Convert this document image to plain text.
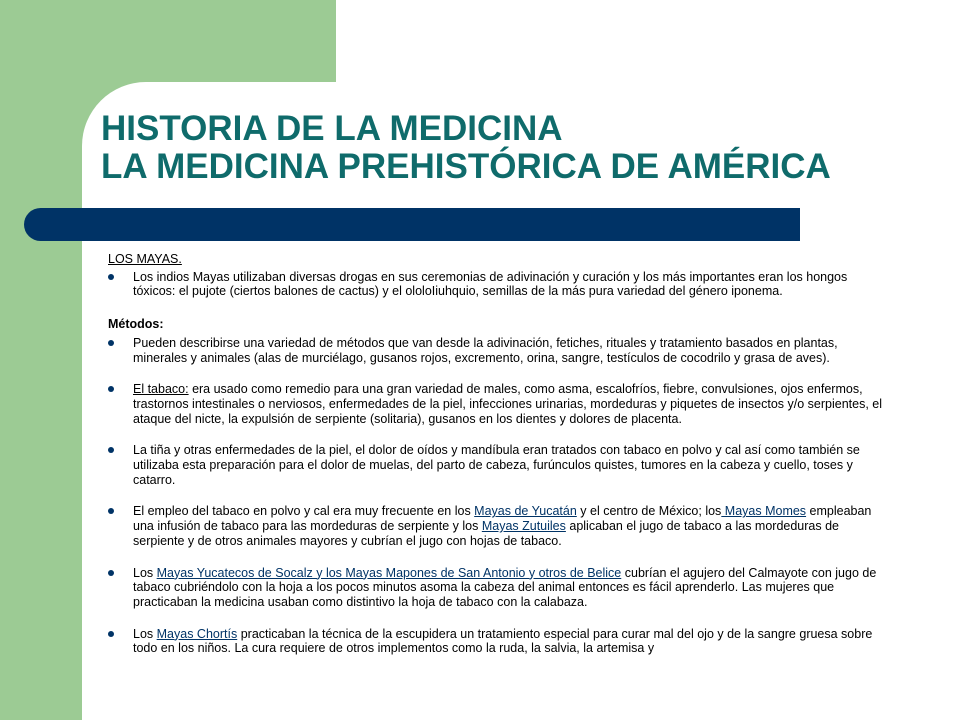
HISTORIA DE LA MEDICINA
LA MEDICINA PREHISTÓRICA DE AMÉRICA

LOS MAYAS.

Los indios Mayas utilizaban diversas drogas en sus ceremonias de adivinación y curación y los más importantes eran los hongos tóxicos: el pujote (ciertos balones de cactus) y el ololoIiuhquio, semillas de la más pura variedad del género iponema.

Métodos:

Pueden describirse una variedad de métodos que van desde la adivinación, fetiches, rituales y tratamiento basados en plantas, minerales y animales (alas de murciélago, gusanos rojos, excremento, orina, sangre, testículos de cocodrilo y grasa de aves).
El tabaco: era usado como remedio para una gran variedad de males, como asma, escalofríos, fiebre, convulsiones, ojos enfermos, trastornos intestinales o nerviosos, enfermedades de la piel, infecciones urinarias, mordeduras y piquetes de insectos y/o serpientes, el ataque del nicte, la expulsión de serpiente (solitaria), gusanos en los dientes y dolores de placenta.
La tiña y otras enfermedades de la piel, el dolor de oídos y mandíbula eran tratados con tabaco en polvo y cal así como también se utilizaba esta preparación para el dolor de muelas, del parto de cabeza, furúnculos quistes, tumores en la cabeza y cuello, toses y catarro.
El empleo del tabaco en polvo y cal era muy frecuente en los Mayas de Yucatán y el centro de México; los Mayas Momes empleaban una infusión de tabaco para las mordeduras de serpiente y los Mayas Zutuiles aplicaban el jugo de tabaco a las mordeduras de serpiente y de otros animales mayores y cubrían el jugo con hojas de tabaco.
Los Mayas Yucatecos de Socalz y los Mayas Mapones de San Antonio y otros de Belice cubrían el agujero del Calmayote con jugo de tabaco cubriéndolo con la hoja a los pocos minutos asoma la cabeza del animal entonces es fácil aprenderlo. Las mujeres que practicaban la medicina usaban como distintivo la hoja de tabaco con la calabaza.
Los Mayas Chortís practicaban la técnica de la escupidera un tratamiento especial para curar mal del ojo y de la sangre gruesa sobre todo en los niños. La cura requiere de otros implementos como la ruda, la salvia, la artemisa y
